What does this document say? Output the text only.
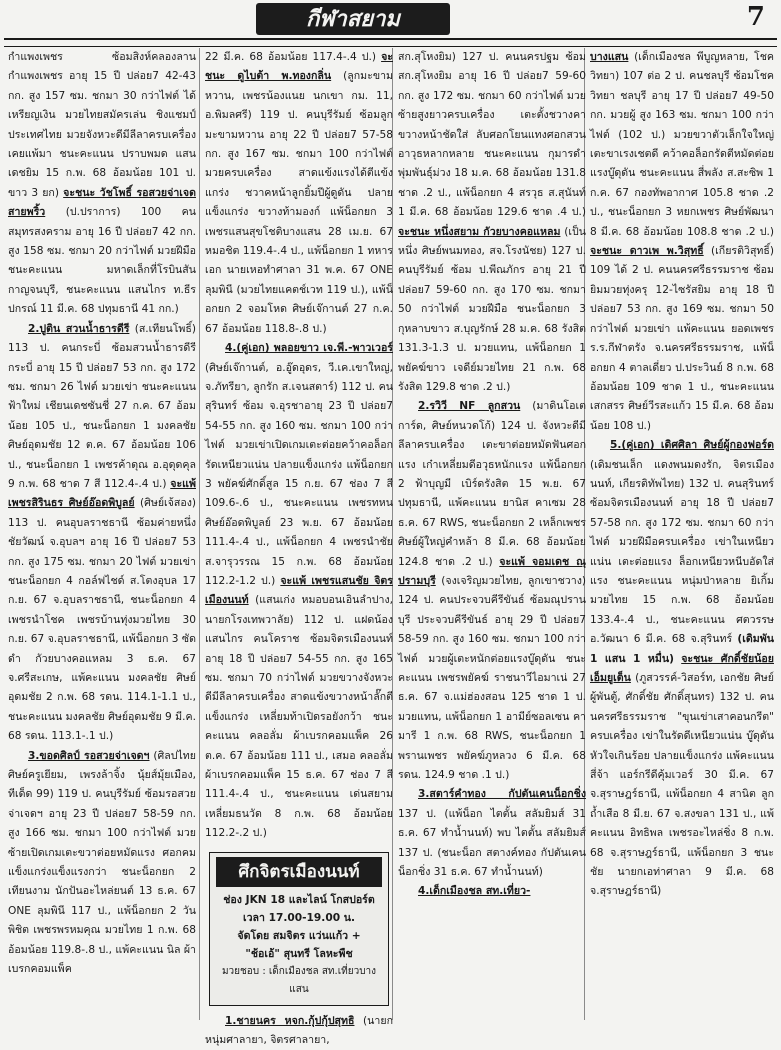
กีฬาสยาม	7

กำแพงเพชร ซ้อมสิงห์คลองลาน กำแพงเพชร อายุ 15 ปี ปล่อย7 42-43 กก. สูง 157 ซม. ชกมา 30 กว่าไฟต์ ได้เหรียญเงิน มวยไทยสมัครเล่น ชิงแชมป์ประเทศไทย มวยจังหวะดีมีลีลาครบเครื่อง เคยแพ้มา ชนะคะแนน ปราบพมด แสนเดชยิม 15 ก.พ. 68 อ้อมน้อย 101 ป. ขาว 3 ยก) จะชนะ วัชโพธิ์ รอสวยจ่าเจดสายพริ้ว (ป.ปราการ) 100 คน สมุทรสงคราม อายุ 16 ปี ปล่อย7 42 กก. สูง 158 ซม. ชกมา 20 กว่าไฟต์ มวยฝีมือ ชนะคะแนน มหาดเล็กที่โรบินสัน กาญจนบุรี, ชนะคะแนน แสนไกร ท.ธีรปกรณ์ 11 มี.ค. 68 ปทุมธานี 41 กก.)

2.ปูติน สวนน้ำธารดีรี (ส.เทียนโพธิ์) 113 ป. คนกระบี่ ซ้อมสวนน้ำธารดีรี กระบี่ อายุ 15 ปี ปล่อย7 53 กก. สูง 172 ซม. ชกมา 26 ไฟต์ มวยเข่า ชนะคะแนน ฟ้าใหม่ เชียนเดชซันชี่ 27 ก.ค. 67 อ้อมน้อย 105 ป., ชนะน็อกยก 1 มงคลชัย ศิษย์อุดมชัย 12 ต.ค. 67 อ้อมน้อย 106 ป., ชนะน็อกยก 1 เพชรค้าดุณ อ.อุดุดคุล 9 ก.พ. 68 ชาด 7 สี 112.4-.4 ป.) จะแพ้ เพชรสิรินธร ศิษย์อ๊อดพิบูลย์ (ศิษย์เจ้สอง) 113 ป. คนอุบลราชธานี ซ้อมค่ายหนึ่งชัยวัฒน์ จ.อุบลฯ อายุ 16 ปี ปล่อย7 53 กก. สูง 175 ซม. ชกมา 20 ไฟต์ มวยเข่า ชนะน็อกยก 4 กอล์ฟไชด์ ส.โตงอุบล 17 ก.ย. 67 จ.อุบลราชธานี, ชนะน็อกยก 4 เพชรนำโชค เพชรบ้านทุ่งมวยไทย 30 ก.ย. 67 จ.อุบลราชธานี, แพ้น็อกยก 3 ซัดดำ กัวยบางคอแหลม 3 ธ.ค. 67 จ.ศรีสะเกษ, แพ้คะแนน มงคลชัย ศิษย์อุดมชัย 2 ก.พ. 68 รดน. 114.1-1.1 ป., ชนะคะแนน มงคลชัย ศิษย์อุดมชัย 9 มี.ค. 68 รดน. 113.1-.1 ป.)

3.ขอดศิลป์ รอสวยจ่าเจดฯ (ศิลปไทย ศิษย์ครูเยียม, เพรงล้าจิ้ง นุ้ยส์มุ้ยเมือง, ทีเด็ด 99) 119 ป. คนบุรีรัมย์ ซ้อมรอสวยจ่าเจดฯ อายุ 23 ปี ปล่อย7 58-59 กก. สูง 166 ซม. ชกมา 100 กว่าไฟต์ มวยซ้ายเปิดเกมเตะขวาต่อยหมัดแรง ศอกคมแข็งแกร่งแข็งแรงกว่า ชนะน็อกยก 2 เทียนงาม นักปันอะไหล่ยนต์ 13 ธ.ค. 67 ONE ลุมพินี 117 ป., แพ้น็อกยก 2 วันพิชิต เพชรพรหมคุณ มวยไทย 1 ก.พ. 68 อ้อมน้อย 119.8-.8 ป., แพ้คะแนน นิล ผ้าเบรกคอมแพ็ค

22 มี.ค. 68 อ้อมน้อย 117.4-.4 ป.) จะชนะ ดูไบต้า พ.ทองกลิ่น (ลูกมะขามหวาน, เพชรน้องแนย นกเขา กม. 11, อ.พิมลศรี) 119 ป. คนบุรีรัมย์ ซ้อมลูกมะขามหวาน อายุ 22 ปี ปล่อย7 57-58 กก. สูง 167 ซม. ชกมา 100 กว่าไฟต์ มวยครบเครื่อง สาดแข้งแรงได้ตีแข้งแกร่ง ชวาคหน้าลูกยิ้มปีผู้ดูดัน ปลายแข็งแกร่ง ขวางท้ามองก์ แพ้น็อกยก 3 เพชรแสนสุขโชติบางแสน 28 เม.ย. 67 หมอชิต 119.4-.4 ป., แพ้น็อกยก 1 ทหารเอก นายเหอทำศาลา 31 พ.ค. 67 ONE ลุมพินี (มวยไทยแคตช์เวท 119 ป.), แพ้น็อกยก 2 จอมโหด ศิษย์เจ๊กานต์ 27 ก.ค. 67 อ้อมน้อย 118.8-.8 ป.)

4.(คู่เอก) พลอยขาว เจ.พี.-พาวเวอร์ (ศิษย์เจ๊กานต์, อ.อู๊ดอุดร, วี.เค.เขาใหญ่, จ.ภัทรียา, ลูกรัก ส.เจนสตาร์) 112 ป. คนสุรินทร์ ซ้อม จ.อุรชาอายุ 23 ปี ปล่อย7 54-55 กก. สูง 160 ซม. ชกมา 100 กว่าไฟต์ มวยเข่าเปิดเกมเตะต่อยคว้าคอล็อกรัดเหนียวแน่น ปลายแข็งแกร่ง แพ้น็อกยก 3 พยัคฆ์ศักดิ์สูล 15 ก.ย. 67 ช่อง 7 สี 109.6-.6 ป., ชนะคะแนน เพชรทหน ศิษย์อ๊อดพิบูลย์ 23 พ.ย. 67 อ้อมน้อย 111.4-.4 ป., แพ้น็อกยก 4 เพชรนำชัย ส.จารุวรรณ 15 ก.พ. 68 อ้อมน้อย 112.2-1.2 ป.) จะแพ้ เพชรแสนชัย จิตรเมืองนนท์ (แสนเก่ง หมอบอนเอินลำปาง, นายกโรงเทพวาลัย) 112 ป. แฝดน้องแสนไกร คนโคราช ซ้อมจิตรเมืองนนท์ อายุ 18 ปี ปล่อย7 54-55 กก. สูง 165 ซม. ชกมา 70 กว่าไฟต์ มวยขวางจังหวะดีมีลีลาครบเครื่อง สาดแข้งขวางหน้าลั๊กตีแข็งแกร่ง เหลี่ยมท้าเปิดรอยังกว้า ชนะคะแนน คลอลั่ม ผ้าเบรกคอมแพ็ค 26 ต.ค. 67 อ้อมน้อย 111 ป., เสมอ คลอลั่ม ผ้าเบรกคอมแพ็ค 15 ธ.ค. 67 ช่อง 7 สี 111.4-.4 ป., ชนะคะแนน เด่นสยาม เหลี่ยมธนวัด 8 ก.พ. 68 อ้อมน้อย 112.2-.2 ป.)

ศึกจิตรเมืองนนท์
ช่อง JKN 18 และไลน์ โกสปอร์ต
เวลา 17.00-19.00 น.
จัดโดย สมจิตร แว่นแก้ว +
"ช้อเอ้" สุนทรี โลหะพืช
มวยชอบ : เด็กเมืองชล สท.เที่ยวบางแสน

1.ชายนคร หจก.กุ้ปกุ้ปสุทธิ (นายกหนุ่มศาลายา, จิตรศาลายา,

สก.สุโหงยิม) 127 ป. คนนครปฐม ซ้อม สก.สุโหงยิม อายุ 16 ปี ปล่อย7 59-60 กก. สูง 172 ซม. ชกมา 60 กว่าไฟต์ มวยซ้ายสูงยาวครบเครื่อง เตะตั้งชวางคาขวางหน้าชัดใส่ ลับศอกโยนแทงศอกสวน อาวุธหลากหลาย ชนะคะแนน กุมารดำ พุ่มพันธุ์ม่วง 18 ม.ค. 68 อ้อมน้อย 131.8 ชาด .2 ป., แพ้น็อกยก 4 สรวุธ ส.สุนันท์ 1 มี.ค. 68 อ้อมน้อย 129.6 ชาด .4 ป.) จะชนะ หนึ่งสยาม กัวยบางคอแหลม (เป็นหนึ่ง ศิษย์พนมทอง, สจ.โรงนัชย) 127 ป. คนบุรีรัมย์ ซ้อม ป.พีณภักร อายุ 21 ปี ปล่อย7 59-60 กก. สูง 170 ซม. ชกมา 50 กว่าไฟต์ มวยฝีมือ ชนะน็อกยก 3 กุหลาบขาว ส.บุญรักษ์ 28 ม.ค. 68 รังสิต 131.3-1.3 ป. มวยแทน, แพ้น็อกยก 1 พยัคฆ์ขาว เจดีย์มวยไทย 21 ก.พ. 68 รังสิต 129.8 ชาด .2 ป.)

2.รวิวี NF ลูกสวน (มาดินโอเตการ์ด, ศิษย์หนวดโก้) 124 ป. จังหวะดีมีลีลาครบเครื่อง เตะขาต่อยหมัดฟันศอกแรง เก๋าเหลี่ยมดีอวุธหนักแรง แพ้น็อกยก 2 ฟ้าบุญมี เบิร์ดรังสิต 15 พ.ย. 67 ปทุมธานี, แพ้คะแนน ยานิส คาเซม 28 ธ.ค. 67 RWS, ชนะน็อกยก 2 เหล็กเพชร ศิษย์ผู้ใหญ่คำหล้า 8 มี.ค. 68 อ้อมน้อย 124.8 ชาด .2 ป.) จะแพ้ จอมเดช ณุปรามบุรี (จงเจริญมวยไทย, ลูกเขาชวาง) 124 ป. คนประจวบคีรีขันธ์ ซ้อมณุปรานบุรี ประจวบคีรีขันธ์ อายุ 29 ปี ปล่อย7 58-59 กก. สูง 160 ซม. ชกมา 100 กว่าไฟต์ มวยผู้เตะหนักต่อยแรงบู๊ดุดัน ชนะคะแนน เพชรพยัคฆ์ ราชนาวีไอมาเน่ 27 ธ.ค. 67 จ.แม่ฮ่องสอน 125 ชาด 1 ป. มวยแทน, แพ้น็อกยก 1 อามีย์ซอลเซน คามารี 1 ก.พ. 68 RWS, ชนะน็อกยก 1 พรานเพชร พยัคฆ์ภูหลวง 6 มี.ค. 68 รดน. 124.9 ชาด .1 ป.)

3.สตาร์คำทอง กัปตันเคนน็อกชิ่ง 137 ป. (แพ้น็อก ไตตั้น สลัมยิมส์ 31 ธ.ค. 67 ทำน้ำนนท์) พบ ไตตั้น สลัมยิมส์ 137 ป. (ชนะน็อก สตางค์ทอง กัปตันเคนน็อกชิ่ง 31 ธ.ค. 67 ทำน้ำนนท์)

4.เด็กเมืองชล สท.เที่ยว-

บางแสน (เด็กเมืองชล พีบูญหลาย, โชควิทยา) 107 ต่อ 2 ป. คนชลบุรี ซ้อมโชควิทยา ชลบุรี อายุ 17 ปี ปล่อย7 49-50 กก. มวยผู้ สูง 163 ซม. ชกมา 100 กว่าไฟต์ (102 ป.) มวยขวาตัวเล็กใจใหญ่ เตะขาเรงเชตดี คว้าคอล็อกรัดตีหมัดต่อยแรงบู๊ดุดัน ชนะคะแนน สี่พลัง ส.สะซิพ 1 ก.ค. 67 กองทัพอากาศ 105.8 ชาด .2 ป., ชนะน็อกยก 3 หยกเพชร ศิษย์พัฒนา 8 มี.ค. 68 อ้อมน้อย 108.8 ชาด .2 ป.) จะชนะ ดาวเพ พ.วิสุทธิ์ (เกียรติวิสุทธิ์) 109 ได้ 2 ป. คนนครศรีธรรมราช ซ้อมยิมมวยทุ่งครุ 12-ไซรัสยิม อายุ 18 ปี ปล่อย7 53 กก. สูง 169 ซม. ชกมา 50 กว่าไฟต์ มวยเข่า แพ้คะแนน ยอดเพชร ร.ร.กีฬาตรัง จ.นครศรีธรรมราช, แพ้น็อกยก 4 ตาลเดี่ยว ป.ประวินย์ 8 ก.พ. 68 อ้อมน้อย 109 ชาด 1 ป., ชนะคะแนน เสกสรร ศิษย์วีรสะแก้ว 15 มี.ค. 68 อ้อมน้อย 108 ป.)

5.(คู่เอก) เดิศศิลา ศิษย์ผู้กองฟอร์ด (เดิมชนเล็ก แดงพนมดงรัก, จิตรเมืองนนท์, เกียรติทัพไทย) 132 ป. คนสุรินทร์ ซ้อมจิตรเมืองนนท์ อายุ 18 ปี ปล่อย7 57-58 กก. สูง 172 ซม. ชกมา 60 กว่าไฟต์ มวยฝีมือครบเครื่อง เข่าในเหนียวแน่น เตะต่อยแรง ล็อกเหนียวหนีบอัดใส่แรง ชนะคะแนน หนุ่มป่าหลาย ยิเกิ้มมวยไทย 15 ก.พ. 68 อ้อมน้อย 133.4-.4 ป., ชนะคะแนน ศตวรรษ อ.วัฒนา 6 มี.ค. 68 จ.สุรินทร์ (เดิมพัน 1 แสน 1 หมื่น) จะชนะ ศักดิ์ชัยน้อย เอ็มยูเต็น (ภูสวรรค์-วิสอร์ท, เอกชัย ศิษย์ผู้พันตู้, ศักดิ์ชัย ศักดิ์สุนทร) 132 ป. คนนครศรีธรรมราช "ขุนเข่าเสาคอนกรีต" ครบเครื่อง เข่าในรัดดีเหนียวแน่น บู๊ดุดันหัวใจเกินร้อย ปลายแข็งแกร่ง แพ้คะแนน สี่จ้า แอร์กรีดีคุ้มเวอร์ 30 มี.ค. 67 จ.สุราษฎร์ธานี, แพ้น็อกยก 4 สานิต ลูกถ้ำเสือ 8 มี.ย. 67 จ.สงขลา 131 ป., แพ้คะแนน อิทธิพล เพชรอะไหล่ชิ่ง 8 ก.พ. 68 จ.สุราษฎร์ธานี, แพ้น็อกยก 3 ชนะชัย นายกเอท่าศาลา 9 มี.ค. 68 จ.สุราษฎร์ธานี)
